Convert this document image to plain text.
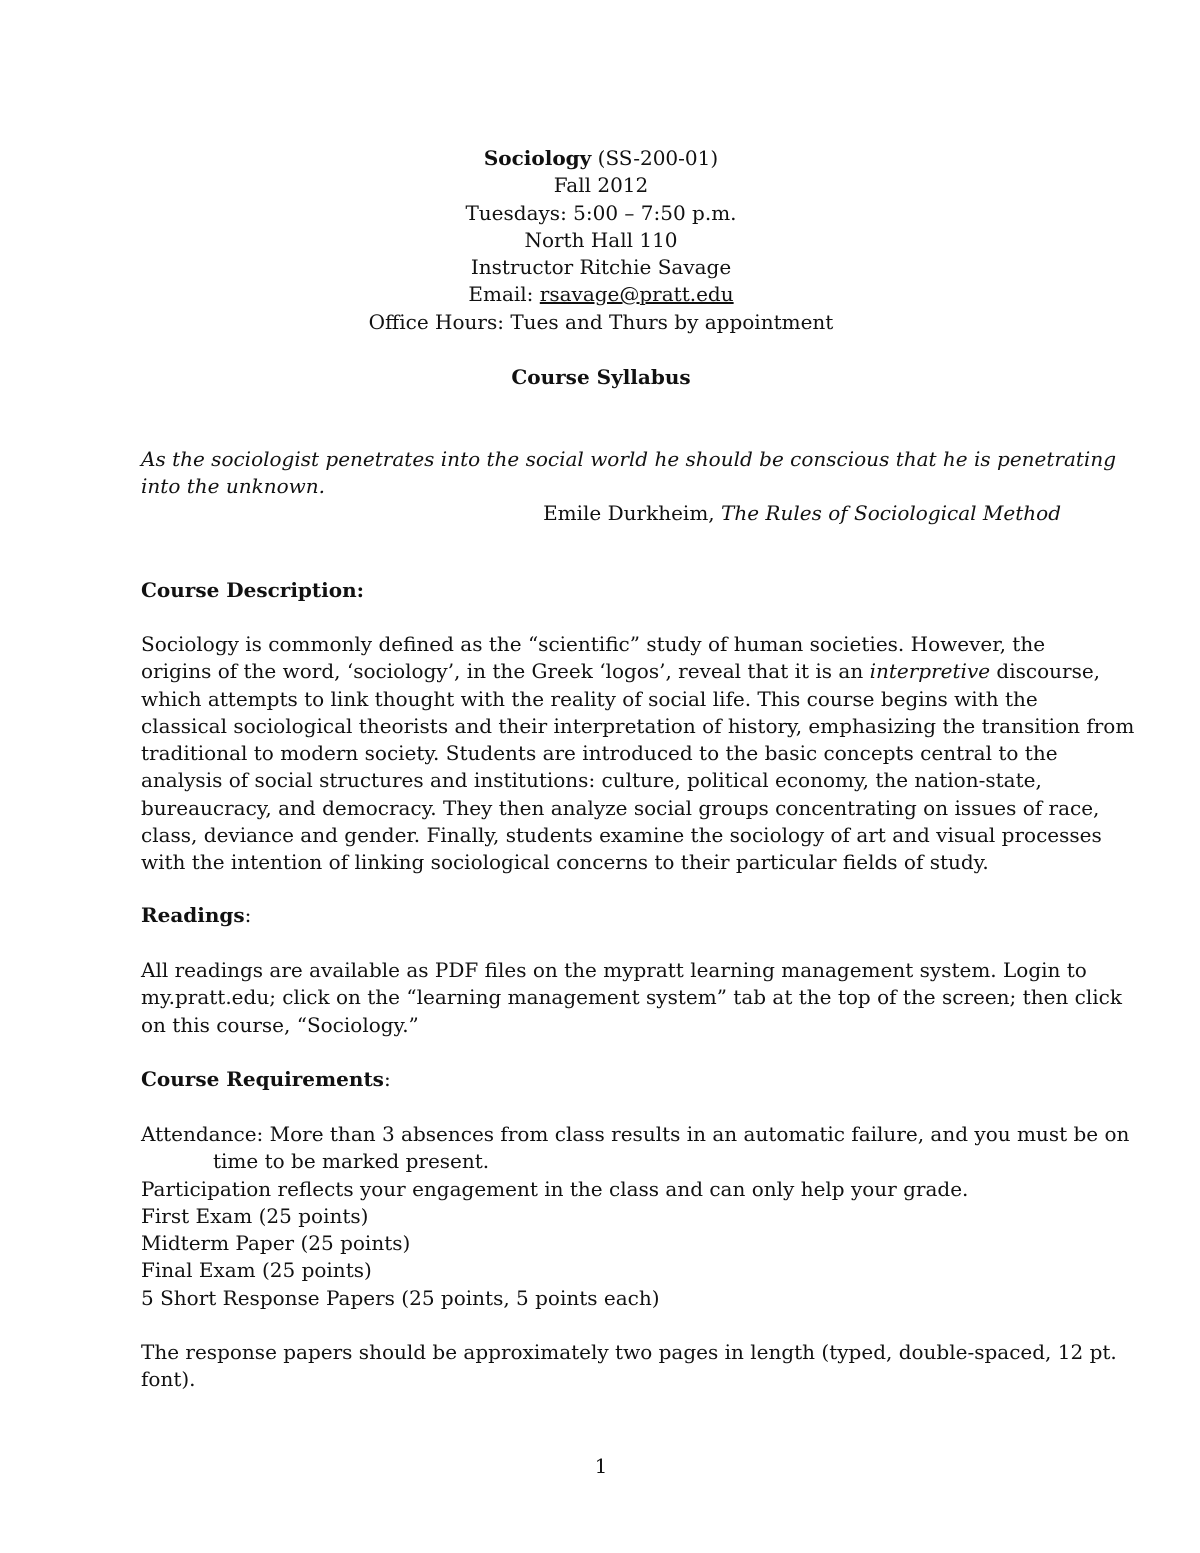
Sociology (SS-200-01)
Fall 2012
Tuesdays: 5:00 – 7:50 p.m.
North Hall 110
Instructor Ritchie Savage
Email: rsavage@pratt.edu
Office Hours: Tues and Thurs by appointment
Course Syllabus
As the sociologist penetrates into the social world he should be conscious that he is penetrating
into the unknown.
Emile Durkheim, The Rules of Sociological Method
Course Description:
Sociology is commonly defined as the “scientific” study of human societies. However, the
origins of the word, ‘sociology’, in the Greek ‘logos’, reveal that it is an interpretive discourse,
which attempts to link thought with the reality of social life. This course begins with the
classical sociological theorists and their interpretation of history, emphasizing the transition from
traditional to modern society. Students are introduced to the basic concepts central to the
analysis of social structures and institutions: culture, political economy, the nation-state,
bureaucracy, and democracy. They then analyze social groups concentrating on issues of race,
class, deviance and gender. Finally, students examine the sociology of art and visual processes
with the intention of linking sociological concerns to their particular fields of study.
Readings:
All readings are available as PDF files on the mypratt learning management system. Login to
my.pratt.edu; click on the “learning management system” tab at the top of the screen; then click
on this course, “Sociology.”
Course Requirements:
Attendance: More than 3 absences from class results in an automatic failure, and you must be on
time to be marked present.
Participation reflects your engagement in the class and can only help your grade.
First Exam (25 points)
Midterm Paper (25 points)
Final Exam (25 points)
5 Short Response Papers (25 points, 5 points each)
The response papers should be approximately two pages in length (typed, double-spaced, 12 pt.
font).
1
